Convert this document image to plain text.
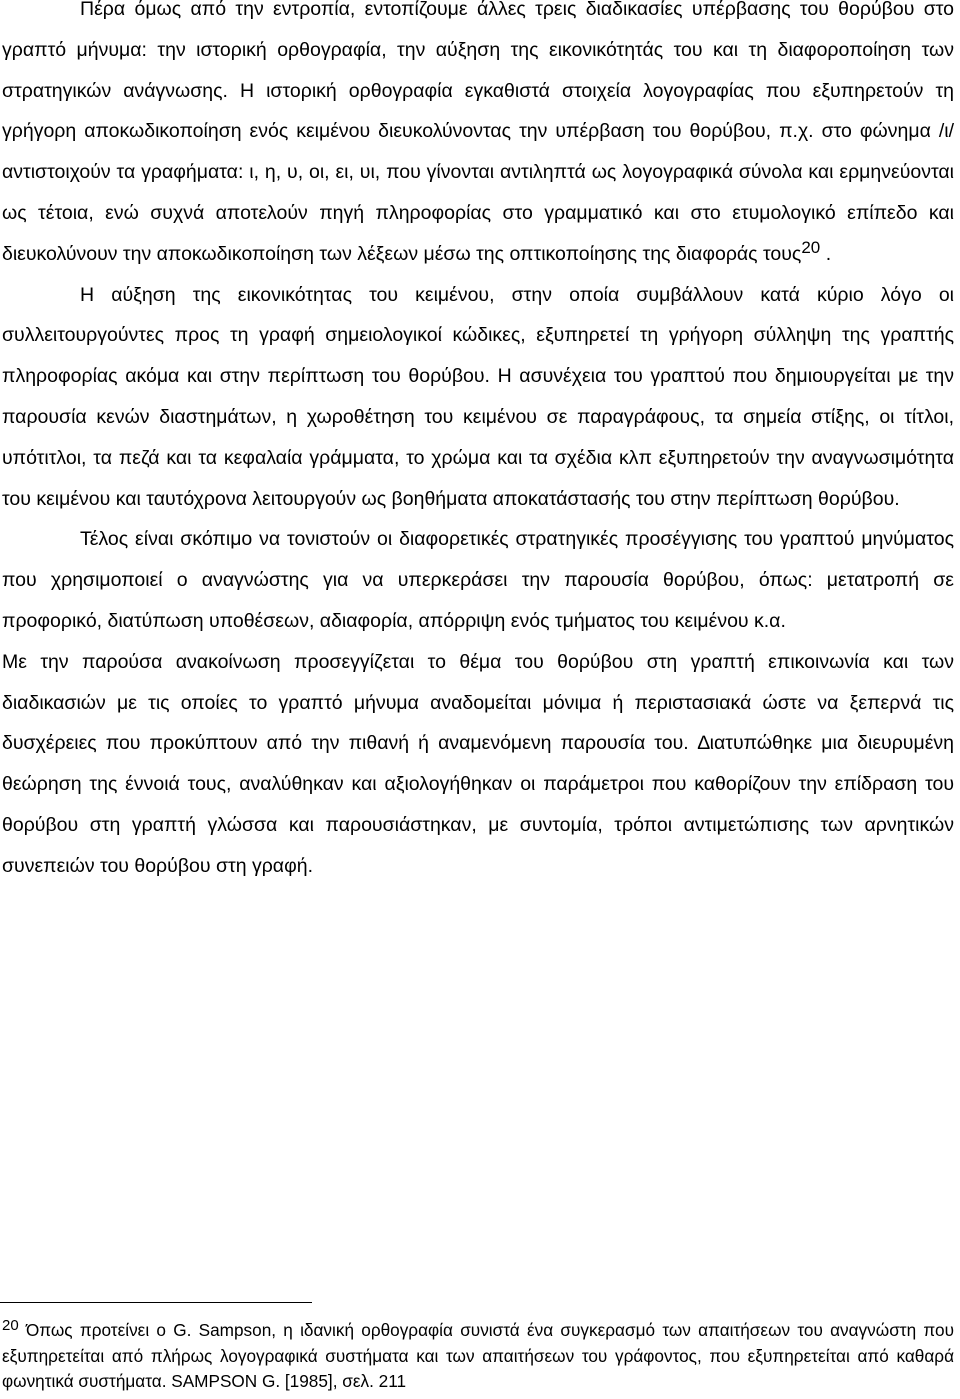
Πέρα όμως από την εντροπία, εντοπίζουμε άλλες τρεις διαδικασίες υπέρβασης του θορύβου στο γραπτό μήνυμα: την ιστορική ορθογραφία, την αύξηση της εικονικότητάς του και τη διαφοροποίηση των στρατηγικών ανάγνωσης. Η ιστορική ορθογραφία εγκαθιστά στοιχεία λογογραφίας που εξυπηρετούν τη γρήγορη αποκωδικοποίηση ενός κειμένου διευκολύνοντας την υπέρβαση του θορύβου, π.χ. στο φώνημα /ι/ αντιστοιχούν τα γραφήματα: ι, η, υ, οι, ει, υι, που γίνονται αντιληπτά ως λογογραφικά σύνολα και ερμηνεύονται ως τέτοια, ενώ συχνά αποτελούν πηγή πληροφορίας στο γραμματικό και στο ετυμολογικό επίπεδο και διευκολύνουν την αποκωδικοποίηση των λέξεων μέσω της οπτικοποίησης της διαφοράς τους20 .

Η αύξηση της εικονικότητας του κειμένου, στην οποία συμβάλλουν κατά κύριο λόγο οι συλλειτουργούντες προς τη γραφή σημειολογικοί κώδικες, εξυπηρετεί τη γρήγορη σύλληψη της γραπτής πληροφορίας ακόμα και στην περίπτωση του θορύβου. Η ασυνέχεια του γραπτού που δημιουργείται με την παρουσία κενών διαστημάτων, η χωροθέτηση του κειμένου σε παραγράφους, τα σημεία στίξης, οι τίτλοι, υπότιτλοι, τα πεζά και τα κεφαλαία γράμματα, το χρώμα και τα σχέδια κλπ εξυπηρετούν την αναγνωσιμότητα του κειμένου και ταυτόχρονα λειτουργούν ως βοηθήματα αποκατάστασής του στην περίπτωση θορύβου.

Τέλος είναι σκόπιμο να τονιστούν οι διαφορετικές στρατηγικές προσέγγισης του γραπτού μηνύματος που χρησιμοποιεί ο αναγνώστης για να υπερκεράσει την παρουσία θορύβου, όπως: μετατροπή σε προφορικό, διατύπωση υποθέσεων, αδιαφορία, απόρριψη ενός τμήματος του κειμένου κ.α.

Με την παρούσα ανακοίνωση προσεγγίζεται το θέμα του θορύβου στη γραπτή επικοινωνία και των διαδικασιών με τις οποίες το γραπτό μήνυμα αναδομείται μόνιμα ή περιστασιακά ώστε να ξεπερνά τις δυσχέρειες που προκύπτουν από την πιθανή ή αναμενόμενη παρουσία του. ∆ιατυπώθηκε μια διευρυμένη θεώρηση της έννοιά τους, αναλύθηκαν και αξιολογήθηκαν οι παράμετροι που καθορίζουν την επίδραση του θορύβου στη γραπτή γλώσσα και παρουσιάστηκαν, με συντομία, τρόποι αντιμετώπισης των αρνητικών συνεπειών του θορύβου στη γραφή.

20 Όπως προτείνει ο G. Sampson, η ιδανική ορθογραφία συνιστά ένα συγκερασμό των απαιτήσεων του αναγνώστη που εξυπηρετείται από πλήρως λογογραφικά συστήματα και των απαιτήσεων του γράφοντος, που εξυπηρετείται από καθαρά φωνητικά συστήματα. SAMPSON G. [1985], σελ. 211
